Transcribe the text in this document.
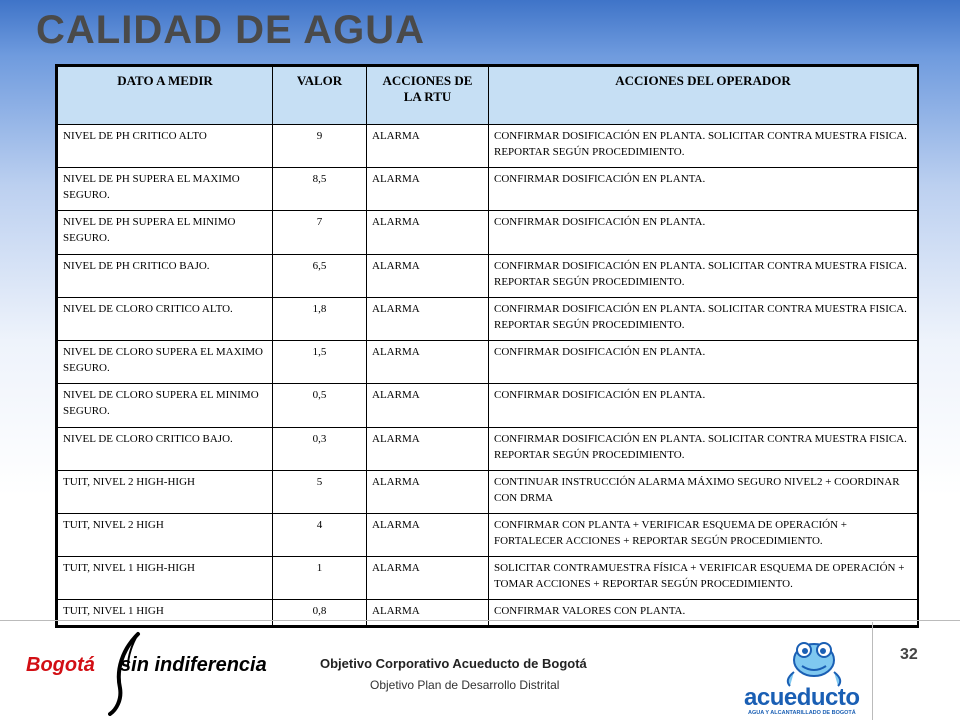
CALIDAD DE AGUA
DATO A MEDIR	VALOR	ACCIONES DE LA RTU	ACCIONES DEL OPERADOR
NIVEL DE PH CRITICO ALTO	9	ALARMA	CONFIRMAR DOSIFICACIÓN EN PLANTA. SOLICITAR CONTRA MUESTRA FISICA. REPORTAR SEGÚN PROCEDIMIENTO.
NIVEL DE PH SUPERA EL MAXIMO SEGURO.	8,5	ALARMA	CONFIRMAR DOSIFICACIÓN EN PLANTA.
NIVEL DE PH SUPERA EL MINIMO SEGURO.	7	ALARMA	CONFIRMAR DOSIFICACIÓN EN PLANTA.
NIVEL DE PH CRITICO BAJO.	6,5	ALARMA	CONFIRMAR DOSIFICACIÓN EN PLANTA. SOLICITAR CONTRA MUESTRA FISICA. REPORTAR SEGÚN PROCEDIMIENTO.
NIVEL DE CLORO CRITICO ALTO.	1,8	ALARMA	CONFIRMAR DOSIFICACIÓN EN PLANTA. SOLICITAR CONTRA MUESTRA FISICA. REPORTAR SEGÚN PROCEDIMIENTO.
NIVEL DE CLORO SUPERA EL MAXIMO SEGURO.	1,5	ALARMA	CONFIRMAR DOSIFICACIÓN EN PLANTA.
NIVEL DE CLORO SUPERA EL MINIMO SEGURO.	0,5	ALARMA	CONFIRMAR DOSIFICACIÓN EN PLANTA.
NIVEL DE CLORO CRITICO BAJO.	0,3	ALARMA	CONFIRMAR DOSIFICACIÓN EN PLANTA. SOLICITAR CONTRA MUESTRA FISICA. REPORTAR SEGÚN PROCEDIMIENTO.
TUIT, NIVEL 2 HIGH-HIGH	5	ALARMA	CONTINUAR INSTRUCCIÓN ALARMA MÁXIMO SEGURO NIVEL2 + COORDINAR CON DRMA
TUIT, NIVEL 2 HIGH	4	ALARMA	CONFIRMAR CON PLANTA + VERIFICAR ESQUEMA DE OPERACIÓN + FORTALECER ACCIONES + REPORTAR SEGÚN PROCEDIMIENTO.
TUIT, NIVEL 1 HIGH-HIGH	1	ALARMA	SOLICITAR CONTRAMUESTRA FÍSICA + VERIFICAR ESQUEMA DE OPERACIÓN + TOMAR ACCIONES + REPORTAR SEGÚN PROCEDIMIENTO.
TUIT, NIVEL 1 HIGH	0,8	ALARMA	CONFIRMAR VALORES CON PLANTA.
Bogotá sin indiferencia	Objetivo Corporativo Acueducto de Bogotá
Objetivo Plan de Desarrollo Distrital
32
acueducto
AGUA Y ALCANTARILLADO DE BOGOTÁ
